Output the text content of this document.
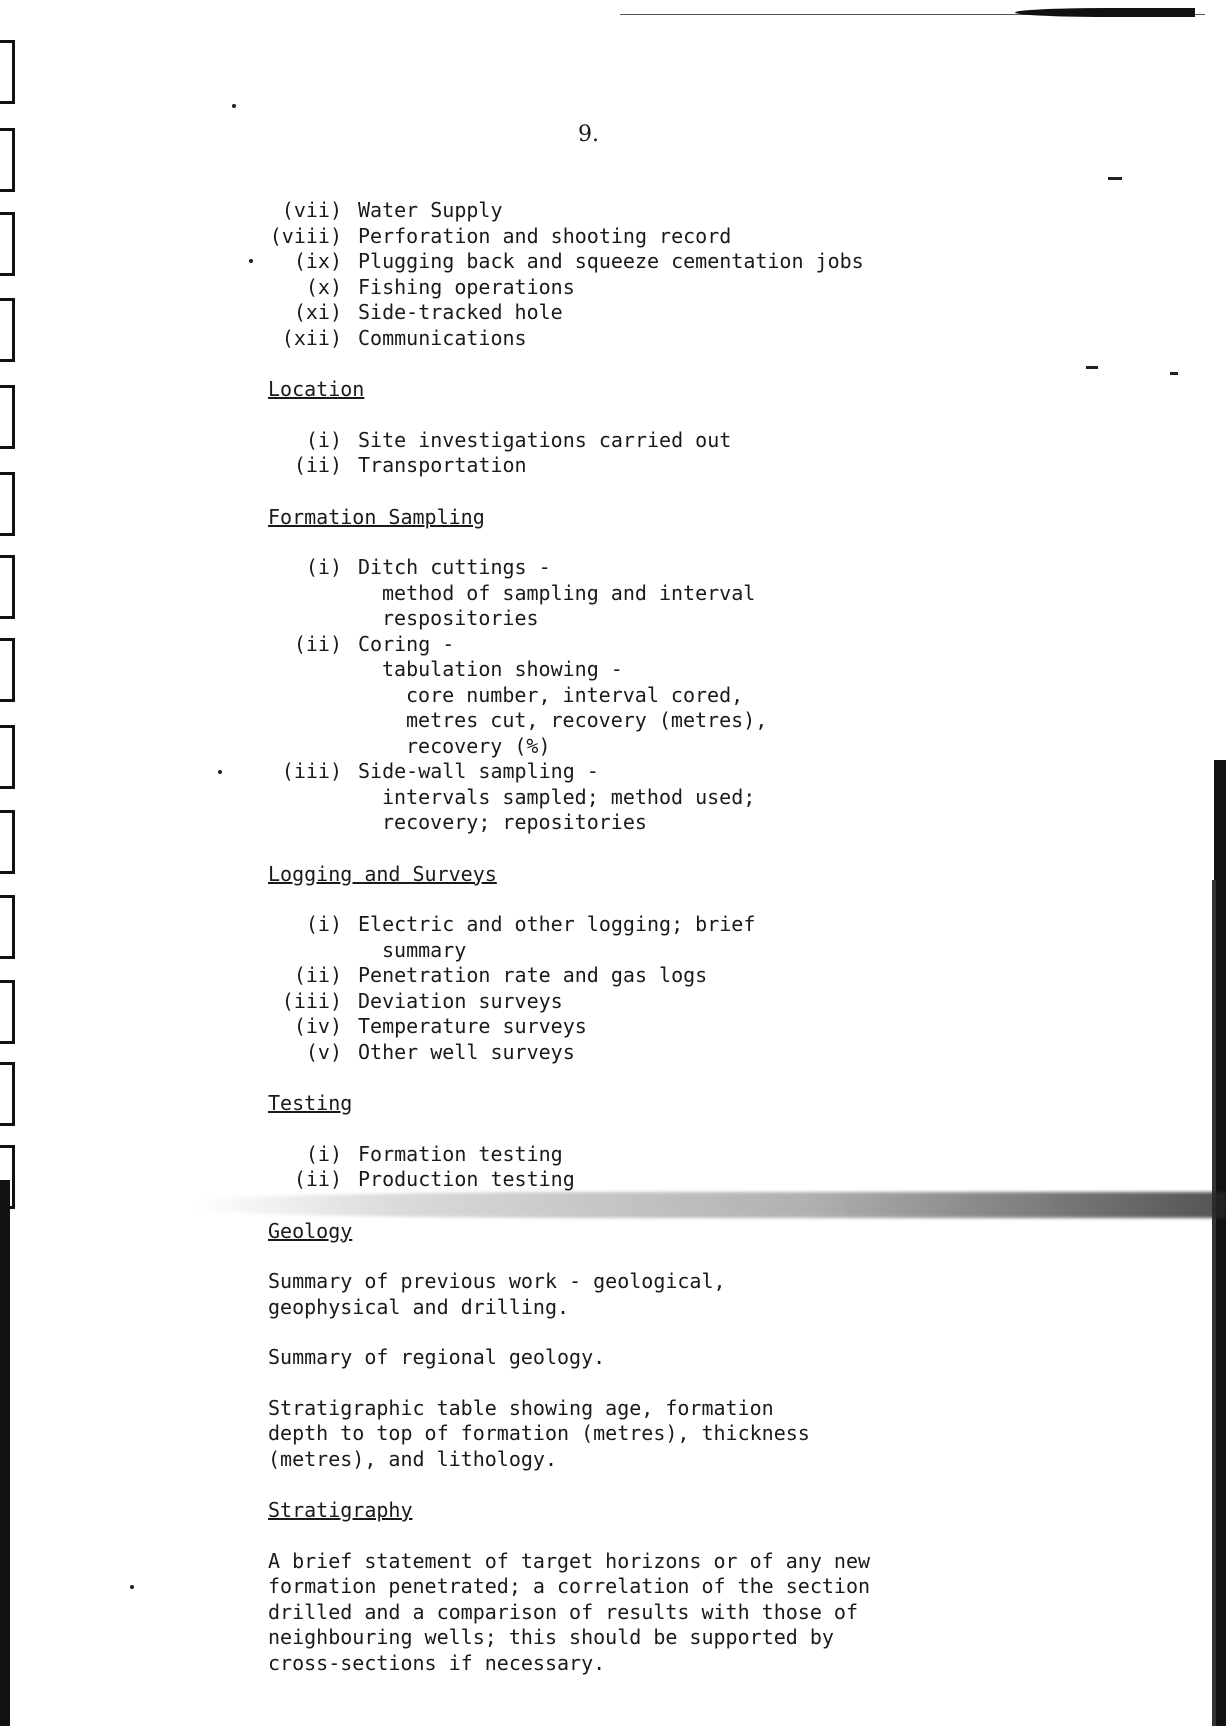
9.
(vii) Water Supply
(viii) Perforation and shooting record
(ix) Plugging back and squeeze cementation jobs
(x) Fishing operations
(xi) Side-tracked hole
(xii) Communications
Location
(i) Site investigations carried out
(ii) Transportation
Formation Sampling
(i) Ditch cuttings -
method of sampling and interval
respositories
(ii) Coring -
tabulation showing -
core number, interval cored,
metres cut, recovery (metres),
recovery (%)
(iii) Side-wall sampling -
intervals sampled; method used;
recovery; repositories
Logging and Surveys
(i) Electric and other logging; brief
summary
(ii) Penetration rate and gas logs
(iii) Deviation surveys
(iv) Temperature surveys
(v) Other well surveys
Testing
(i) Formation testing
(ii) Production testing
Geology
Summary of previous work - geological,
geophysical and drilling.
Summary of regional geology.
Stratigraphic table showing age, formation
depth to top of formation (metres), thickness
(metres), and lithology.
Stratigraphy
A brief statement of target horizons or of any new
formation penetrated; a correlation of the section
drilled and a comparison of results with those of
neighbouring wells; this should be supported by
cross-sections if necessary.
